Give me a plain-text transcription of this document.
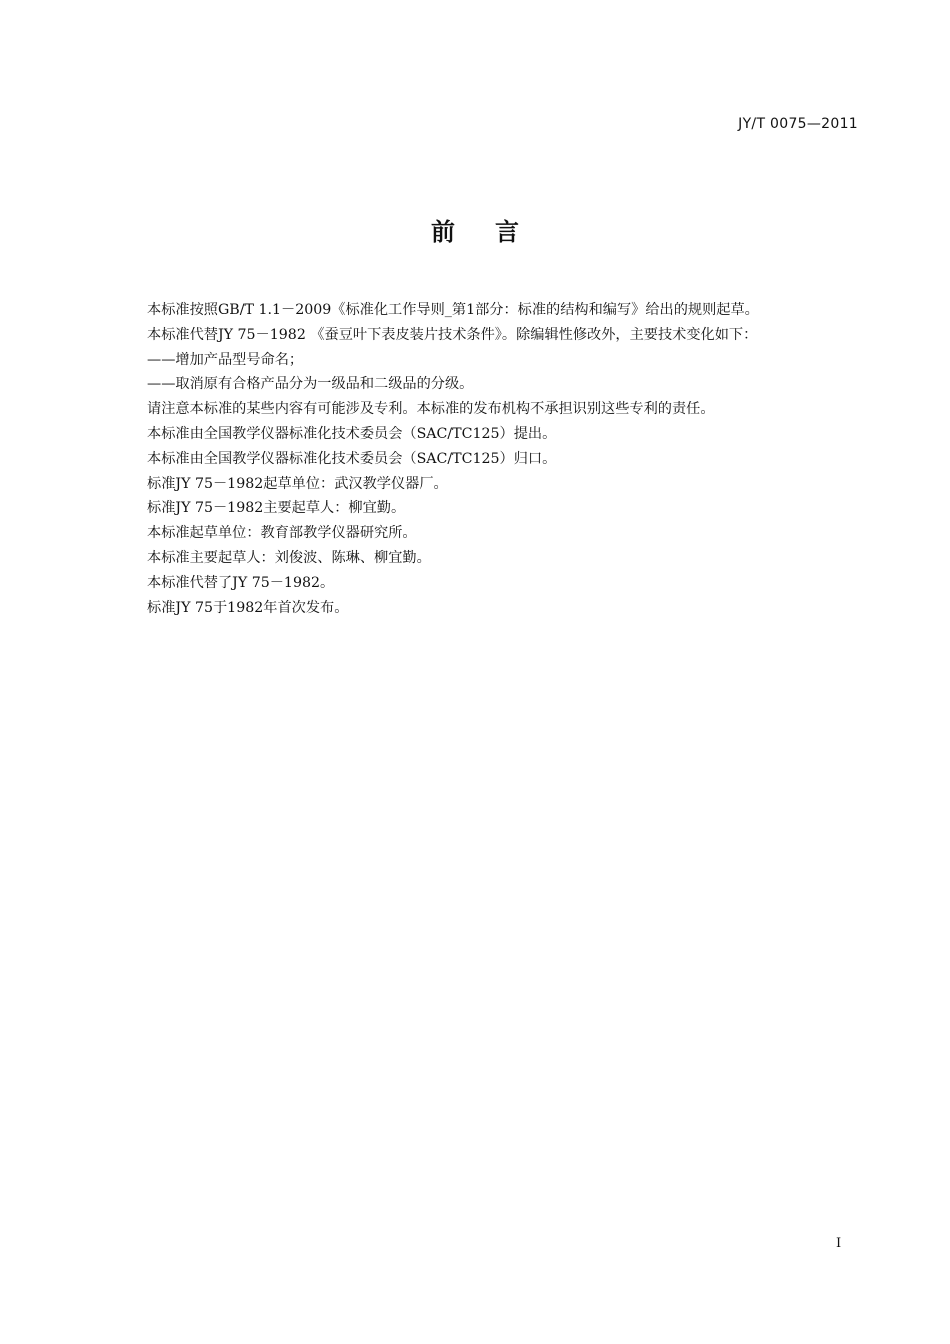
JY/T 0075—2011
前言
本标准按照GB/T 1.1－2009《标准化工作导则_第1部分：标准的结构和编写》给出的规则起草。
本标准代替JY 75－1982 《蚕豆叶下表皮装片技术条件》。除编辑性修改外，主要技术变化如下：
——增加产品型号命名；
——取消原有合格产品分为一级品和二级品的分级。
请注意本标准的某些内容有可能涉及专利。本标准的发布机构不承担识别这些专利的责任。
本标准由全国教学仪器标准化技术委员会（SAC/TC125）提出。
本标准由全国教学仪器标准化技术委员会（SAC/TC125）归口。
标准JY 75－1982起草单位：武汉教学仪器厂。
标准JY 75－1982主要起草人：柳宜勤。
本标准起草单位：教育部教学仪器研究所。
本标准主要起草人：刘俊波、陈琳、柳宜勤。
本标准代替了JY 75－1982。
标准JY 75于1982年首次发布。
I
